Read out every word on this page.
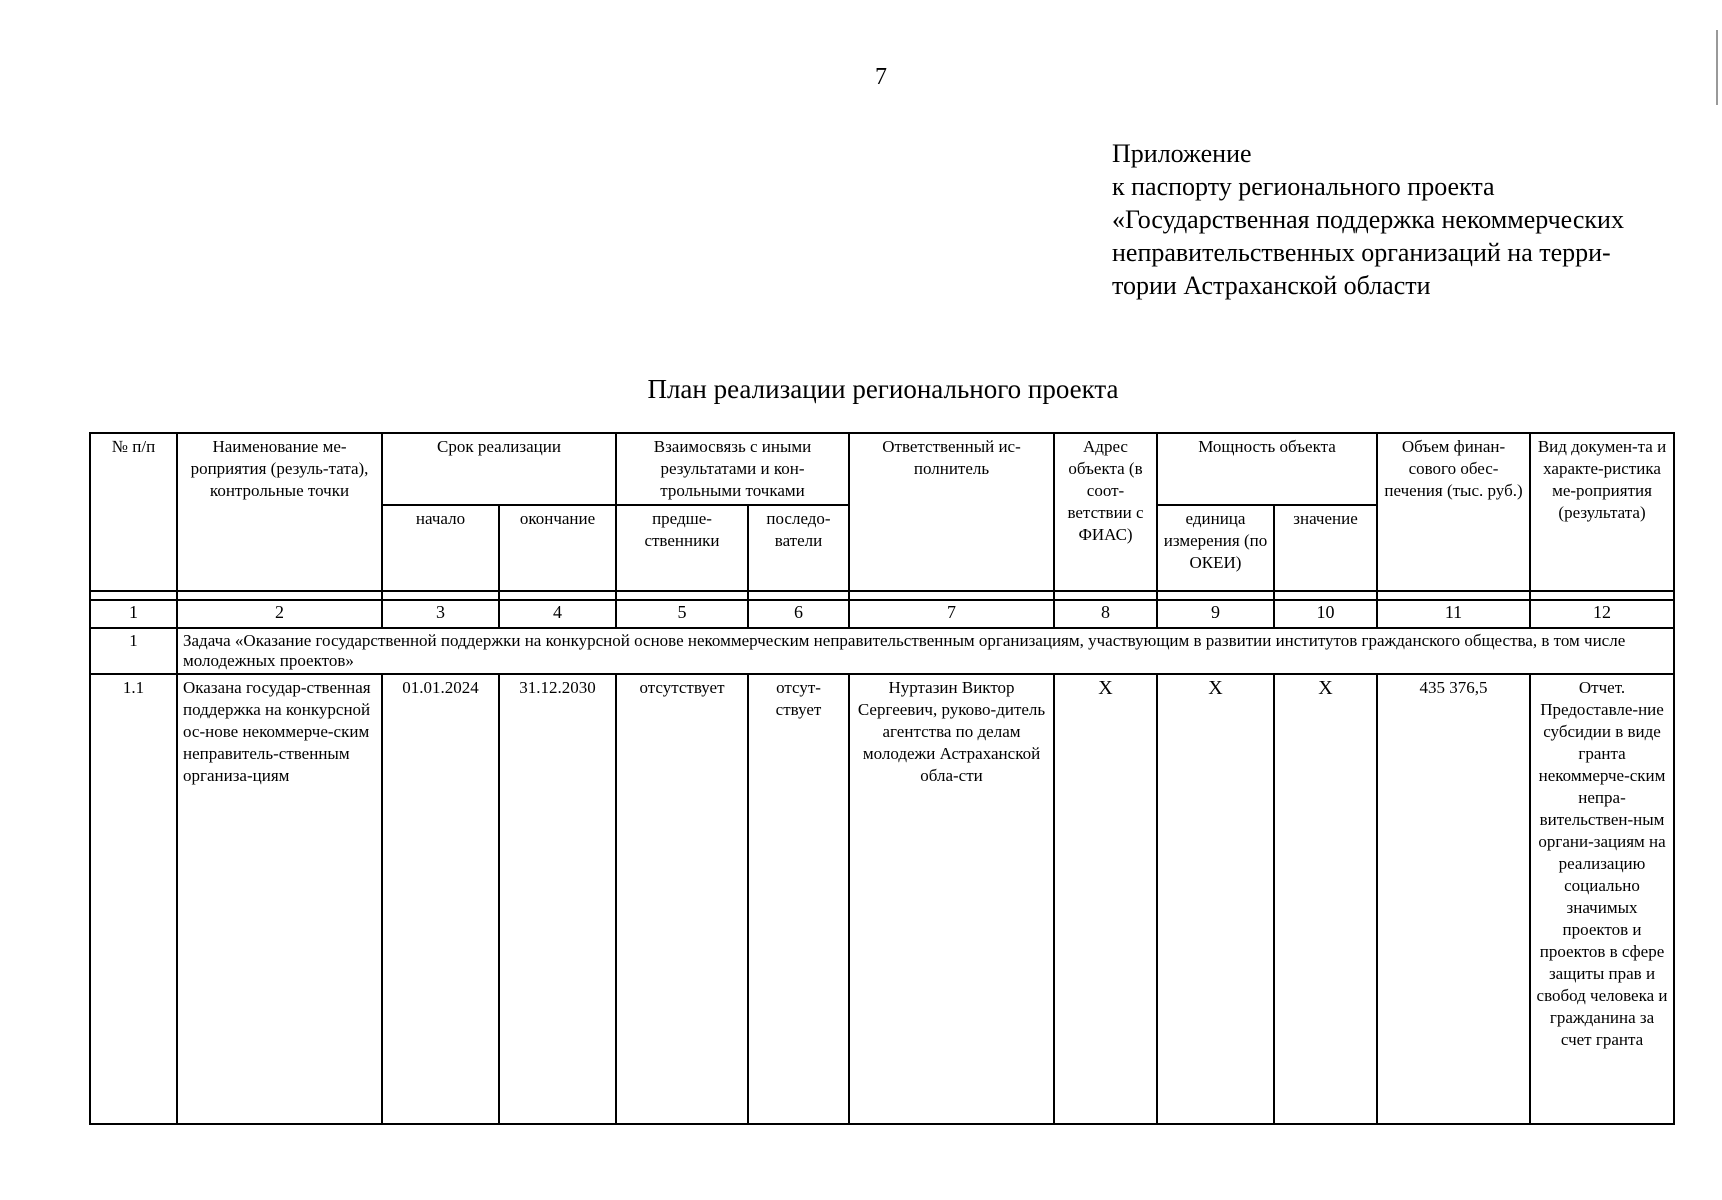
7
Приложение
к паспорту регионального проекта
«Государственная поддержка некоммерческих
неправительственных организаций на терри-
тории Астраханской области
План реализации регионального проекта
№ п/п	Наименование ме-роприятия (резуль-тата), контрольные точки	Срок реализации		Взаимосвязь с иными результатами и кон-трольными точками		Ответственный ис-полнитель	Адрес объекта (в соот-ветствии с ФИАС)	Мощность объекта		Объем финан-сового обес-печения (тыс. руб.)	Вид докумен-та и характе-ристика ме-роприятия (результата)
		начало	окончание	предше-ственники	последо-ватели			единица измерения (по ОКЕИ)	значение		

1	2	3	4	5	6	7	8	9	10	11	12
1	Задача «Оказание государственной поддержки на конкурсной основе некоммерческим неправительственным организациям, участвующим в развитии институтов гражданского общества, в том числе молодежных проектов»										
1.1	Оказана государ-ственная поддержка на конкурсной ос-нове некоммерче-ским неправитель-ственным организа-циям	01.01.2024	31.12.2030	отсутствует	отсут-ствует	Нуртазин Виктор Сергеевич, руково-дитель агентства по делам молодежи Астраханской обла-сти	X	X	X	435 376,5	Отчет. Предоставле-ние субсидии в виде гранта некоммерче-ским непра-вительствен-ным органи-зациям на реализацию социально значимых проектов и проектов в сфере защиты прав и свобод человека и гражданина за счет гранта
